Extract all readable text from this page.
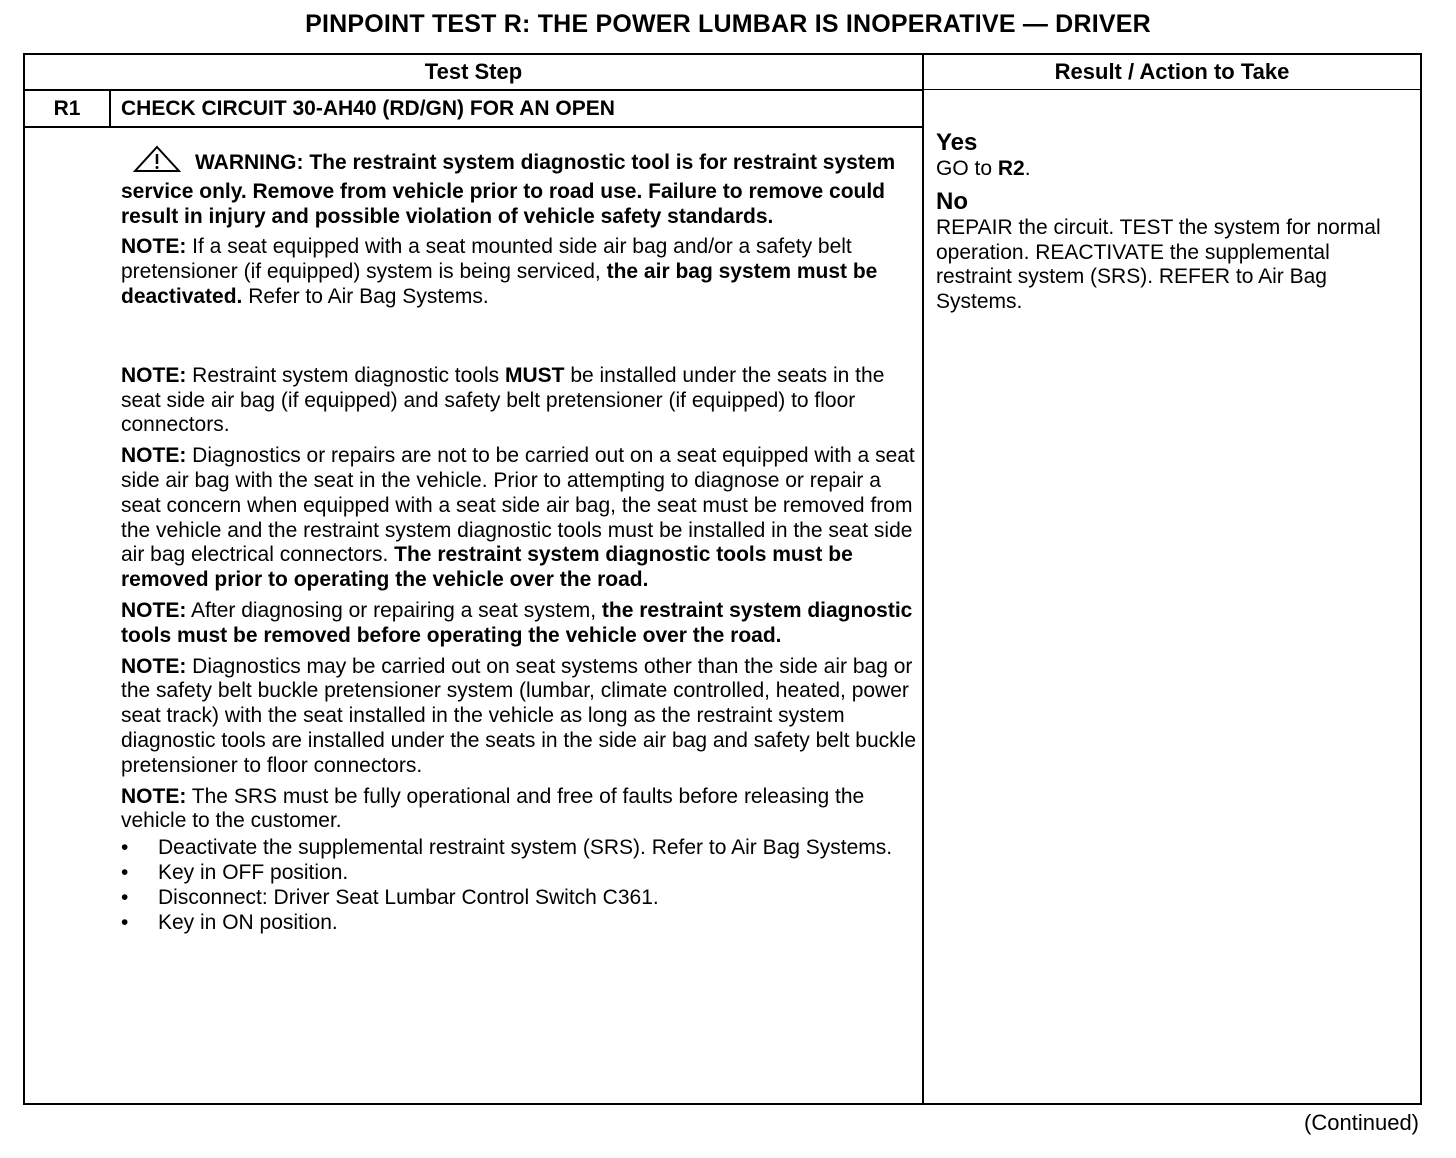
PINPOINT TEST R: THE POWER LUMBAR IS INOPERATIVE — DRIVER
Test Step	Result / Action to Take
R1	CHECK CIRCUIT 30-AH40 (RD/GN) FOR AN OPEN

WARNING: The restraint system diagnostic tool is for restraint system service only. Remove from vehicle prior to road use. Failure to remove could result in injury and possible violation of vehicle safety standards.

NOTE: If a seat equipped with a seat mounted side air bag and/or a safety belt pretensioner (if equipped) system is being serviced, the air bag system must be deactivated. Refer to Air Bag Systems.

NOTE: Restraint system diagnostic tools MUST be installed under the seats in the seat side air bag (if equipped) and safety belt pretensioner (if equipped) to floor connectors.

NOTE: Diagnostics or repairs are not to be carried out on a seat equipped with a seat side air bag with the seat in the vehicle. Prior to attempting to diagnose or repair a seat concern when equipped with a seat side air bag, the seat must be removed from the vehicle and the restraint system diagnostic tools must be installed in the seat side air bag electrical connectors. The restraint system diagnostic tools must be removed prior to operating the vehicle over the road.

NOTE: After diagnosing or repairing a seat system, the restraint system diagnostic tools must be removed before operating the vehicle over the road.

NOTE: Diagnostics may be carried out on seat systems other than the side air bag or the safety belt buckle pretensioner system (lumbar, climate controlled, heated, power seat track) with the seat installed in the vehicle as long as the restraint system diagnostic tools are installed under the seats in the side air bag and safety belt buckle pretensioner to floor connectors.

NOTE: The SRS must be fully operational and free of faults before releasing the vehicle to the customer.

• Deactivate the supplemental restraint system (SRS). Refer to Air Bag Systems.
• Key in OFF position.
• Disconnect: Driver Seat Lumbar Control Switch C361.
• Key in ON position.
Yes
GO to R2.
No
REPAIR the circuit. TEST the system for normal operation. REACTIVATE the supplemental restraint system (SRS). REFER to Air Bag Systems.
(Continued)
